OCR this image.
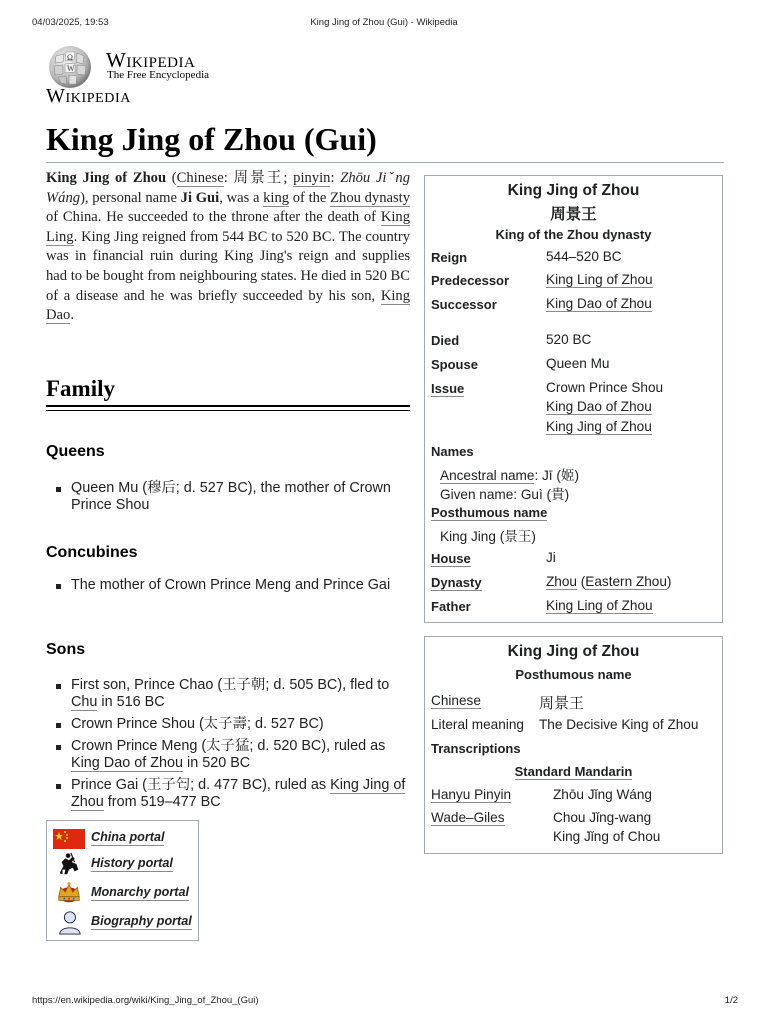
04/03/2025, 19:53	King Jing of Zhou (Gui) - Wikipedia
Ω
W Wikipedia
The Free Encyclopedia
Wikipedia
King Jing of Zhou (Gui)

King Jing of Zhou (Chinese: 周景王; pinyin: Zhōu Jiˇng Wáng), personal name Ji Gui, was a king of the Zhou dynasty of China. He succeeded to the throne after the death of King Ling. King Jing reigned from 544 BC to 520 BC. The country was in financial ruin during King Jing's reign and supplies had to be bought from neighbouring states. He died in 520 BC of a disease and he was briefly succeeded by his son, King Dao.

Family
Queens
Queen Mu (穆后; d. 527 BC), the mother of Crown Prince Shou
Concubines
The mother of Crown Prince Meng and Prince Gai
Sons
First son, Prince Chao (王子朝; d. 505 BC), fled to Chu in 516 BC
Crown Prince Shou (太子壽; d. 527 BC)
Crown Prince Meng (太子猛; d. 520 BC), ruled as King Dao of Zhou in 520 BC
Prince Gai (王子匄; d. 477 BC), ruled as King Jing of Zhou from 519–477 BC
China portal
History portal
Monarchy portal
Biography portal
King Jing of Zhou
周景王
King of the Zhou dynasty
Reign	544–520 BC
Predecessor	King Ling of Zhou
Successor	King Dao of Zhou
Died	520 BC
Spouse	Queen Mu
Issue	Crown Prince Shou
King Dao of Zhou
King Jing of Zhou
Names
Ancestral name: Jī (姬)
Given name: Guì (貴)
Posthumous name
King Jing (景王)
House	Ji
Dynasty	Zhou (Eastern Zhou)
Father	King Ling of Zhou
King Jing of Zhou
Posthumous name
Chinese	周景王
Literal meaning The Decisive King of Zhou
Transcriptions
Standard Mandarin
Hanyu Pinyin	Zhōu Jǐng Wáng
Wade–Giles	Chou Jǐng-wang
King Jǐng of Chou
https://en.wikipedia.org/wiki/King_Jing_of_Zhou_(Gui)	1/2
